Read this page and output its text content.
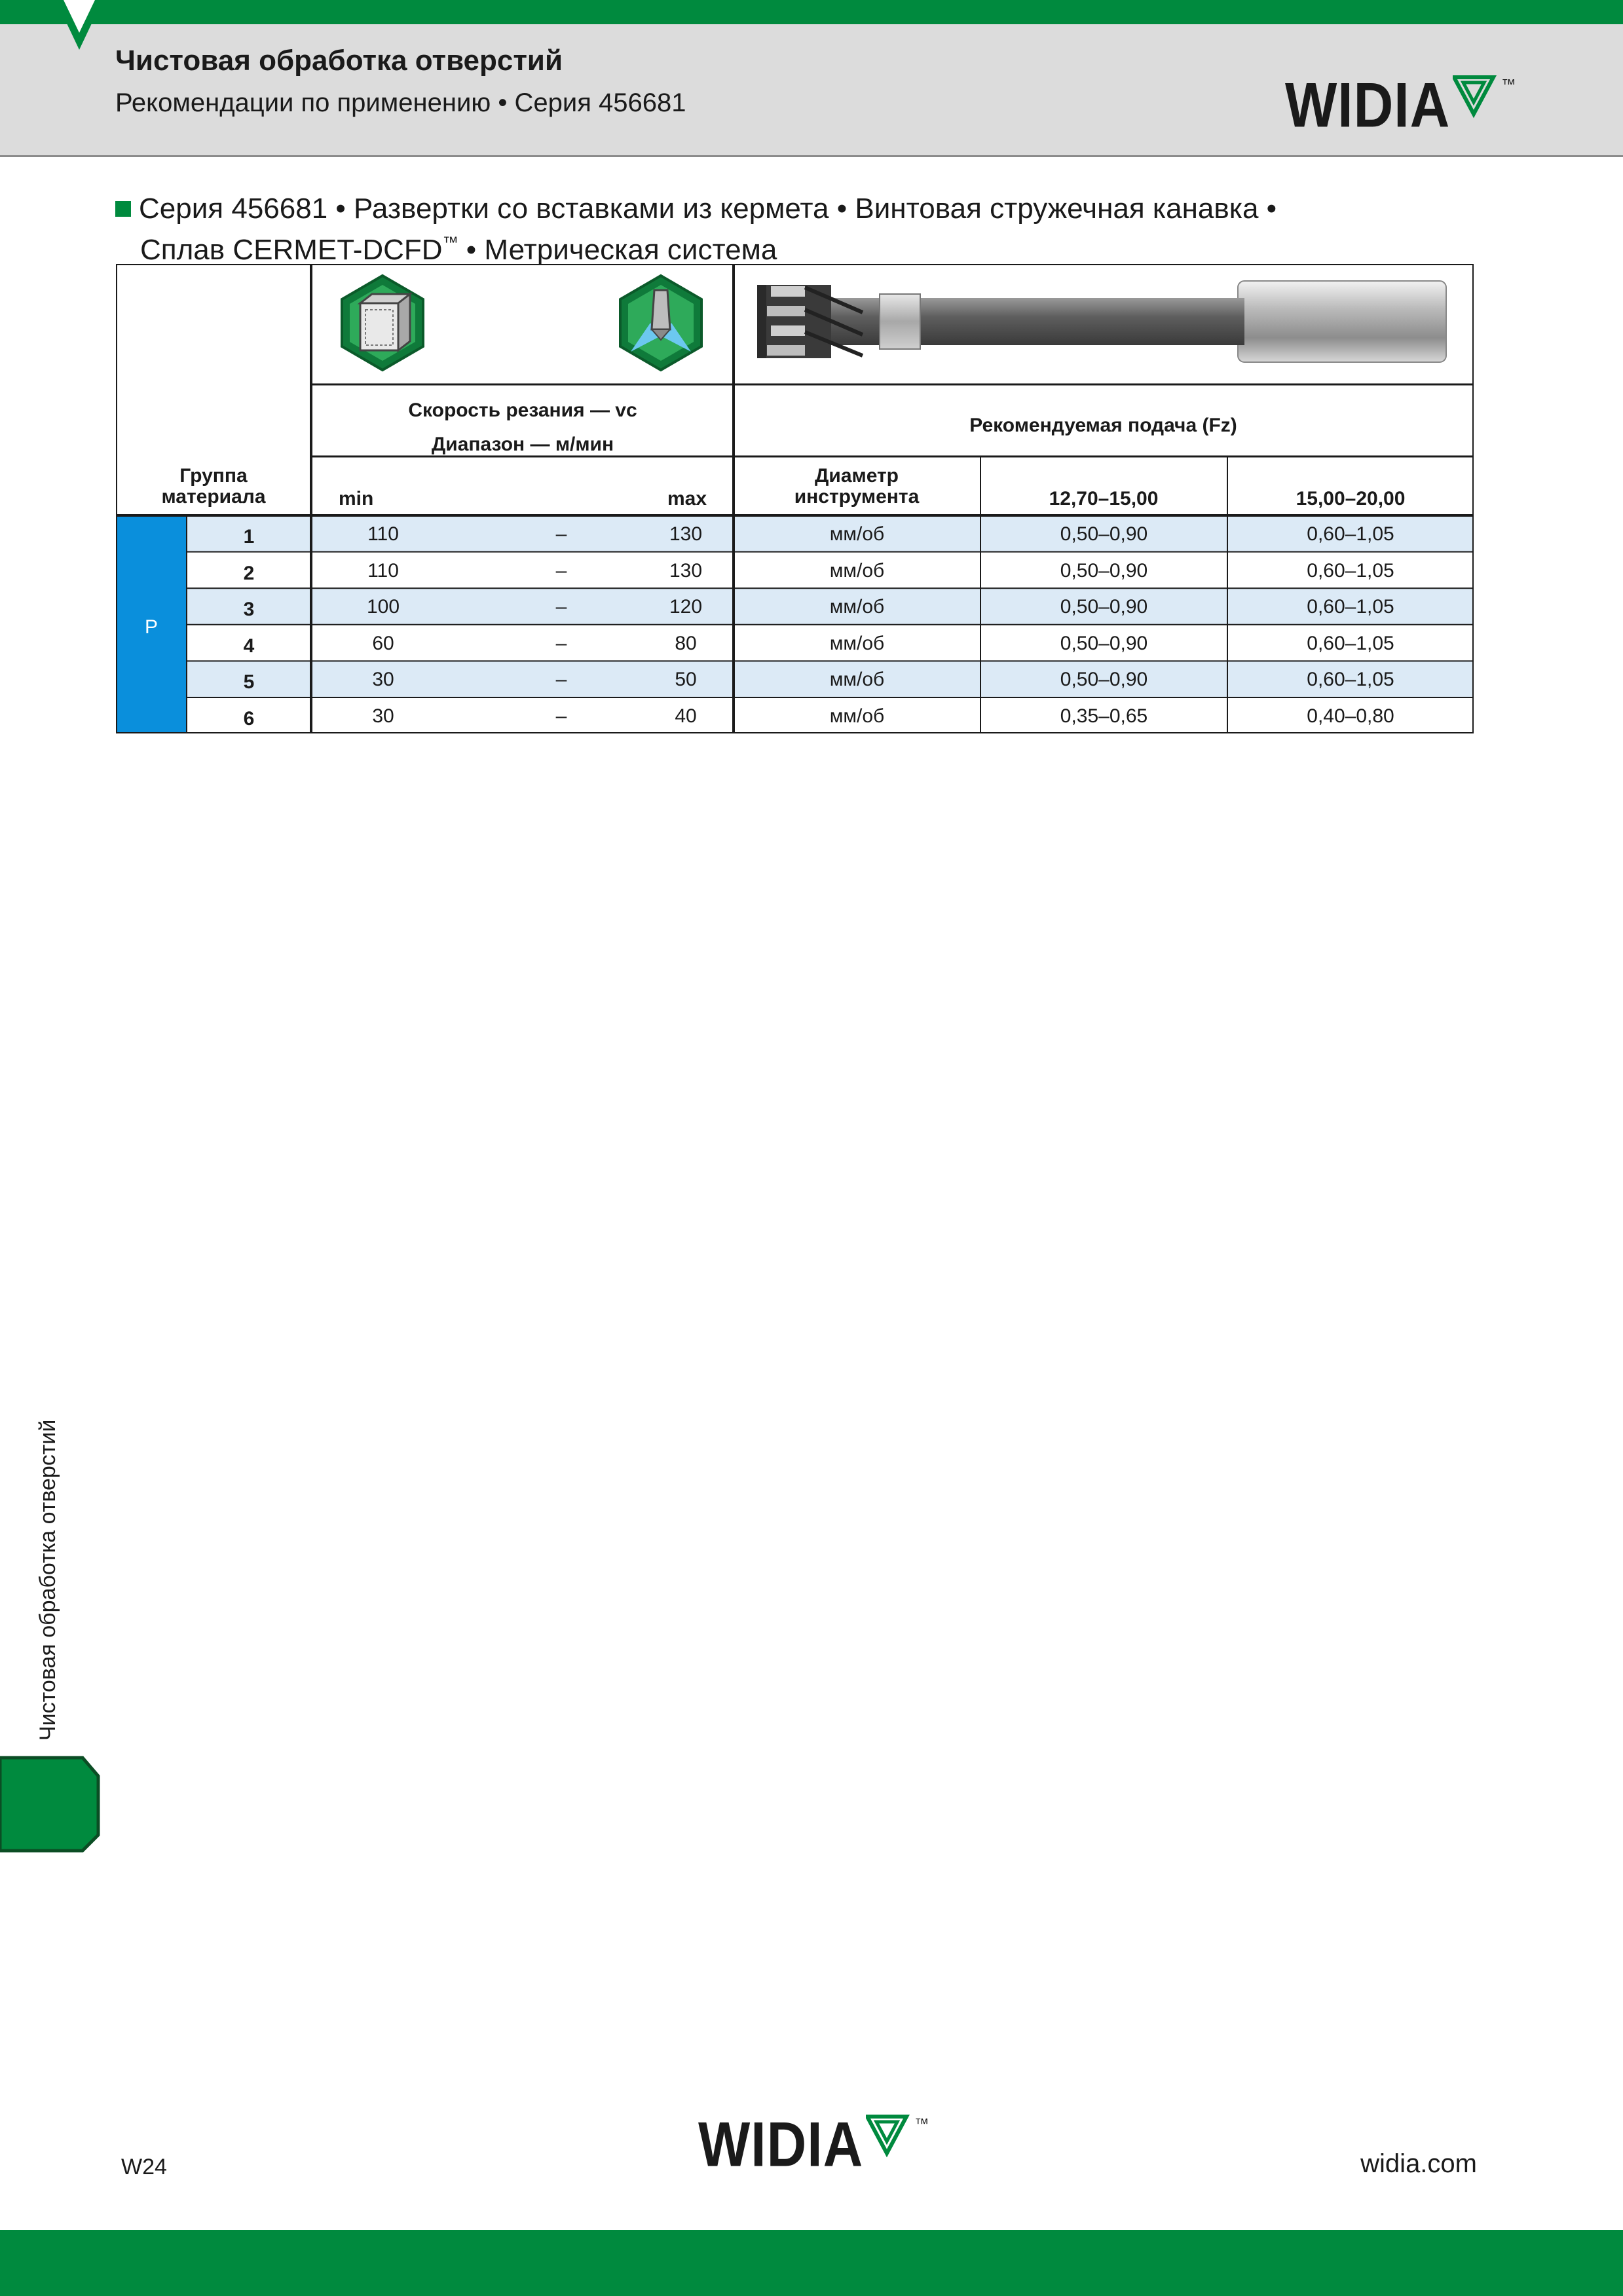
Чистовая обработка отверстий
Рекомендации по применению • Серия 456681	WIDIA	™
Серия 456681 • Развертки со вставками из кермета • Винтовая стружечная канавка •
Сплав CERMET-DCFD™ • Метрическая система
Скорость резания — vc
Диапазон — м/мин
Рекомендуемая подача (Fz)
Группа
материала	min	max
Диаметр
инструмента	12,70–15,00	15,00–20,00
P
1	110	–	130	мм/об	0,50–0,90	0,60–1,05
2	110	–	130	мм/об	0,50–0,90	0,60–1,05
3	100	–	120	мм/об	0,50–0,90	0,60–1,05
4	60	–	80	мм/об	0,50–0,90	0,60–1,05
5	30	–	50	мм/об	0,50–0,90	0,60–1,05
6	30	–	40	мм/об	0,35–0,65	0,40–0,80
Чистовая обработка отверстий
W24	WIDIA	™
widia.com
